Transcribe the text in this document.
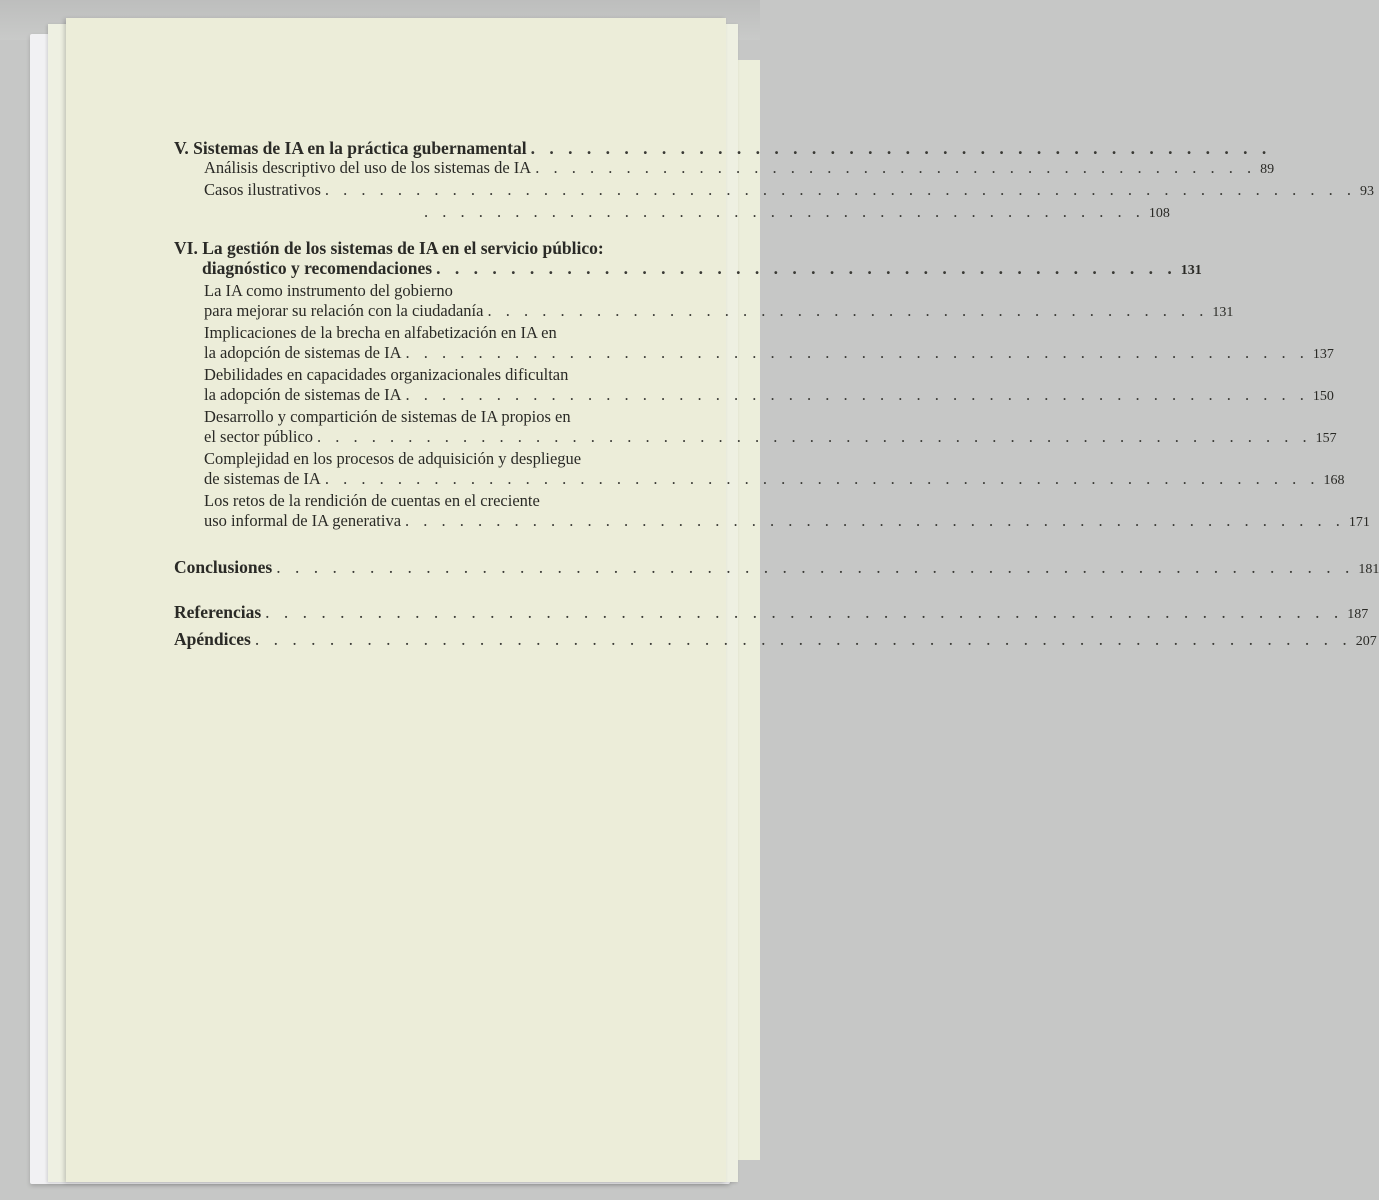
V. Sistemas de IA en la práctica gubernamental . . . . . . . . . . . . . . . . . . . . . . . . . . . . . . . . . . . . . . . .
Análisis descriptivo del uso de los sistemas de IA . . . . . . . . . . . . . . . . . . . . . . . . . . . . . . . . . . . . . . . . 89
Casos ilustrativos . . . . . . . . . . . . . . . . . . . . . . . . . . . . . . . . . . . . . . . . . . . . . . . . . . . . . . . . . 93
. . . . . . . . . . . . . . . . . . . . . . . . . . . . . . . . . . . . . . . . 108
VI. La gestión de los sistemas de IA en el servicio público:
diagnóstico y recomendaciones . . . . . . . . . . . . . . . . . . . . . . . . . . . . . . . . . . . . . . . . 131
La IA como instrumento del gobierno
para mejorar su relación con la ciudadanía . . . . . . . . . . . . . . . . . . . . . . . . . . . . . . . . . . . . . . . . 131
Implicaciones de la brecha en alfabetización en IA en
la adopción de sistemas de IA . . . . . . . . . . . . . . . . . . . . . . . . . . . . . . . . . . . . . . . . . . . . . . . . . . 137
Debilidades en capacidades organizacionales dificultan
la adopción de sistemas de IA . . . . . . . . . . . . . . . . . . . . . . . . . . . . . . . . . . . . . . . . . . . . . . . . . . 150
Desarrollo y compartición de sistemas de IA propios en
el sector público . . . . . . . . . . . . . . . . . . . . . . . . . . . . . . . . . . . . . . . . . . . . . . . . . . . . . . . 157
Complejidad en los procesos de adquisición y despliegue
de sistemas de IA . . . . . . . . . . . . . . . . . . . . . . . . . . . . . . . . . . . . . . . . . . . . . . . . . . . . . . . 168
Los retos de la rendición de cuentas en el creciente
uso informal de IA generativa . . . . . . . . . . . . . . . . . . . . . . . . . . . . . . . . . . . . . . . . . . . . . . . . . . . . 171
Conclusiones . . . . . . . . . . . . . . . . . . . . . . . . . . . . . . . . . . . . . . . . . . . . . . . . . . . . . . . . . . 181
Referencias . . . . . . . . . . . . . . . . . . . . . . . . . . . . . . . . . . . . . . . . . . . . . . . . . . . . . . . . . . 187
Apéndices . . . . . . . . . . . . . . . . . . . . . . . . . . . . . . . . . . . . . . . . . . . . . . . . . . . . . . . . . . . 207
